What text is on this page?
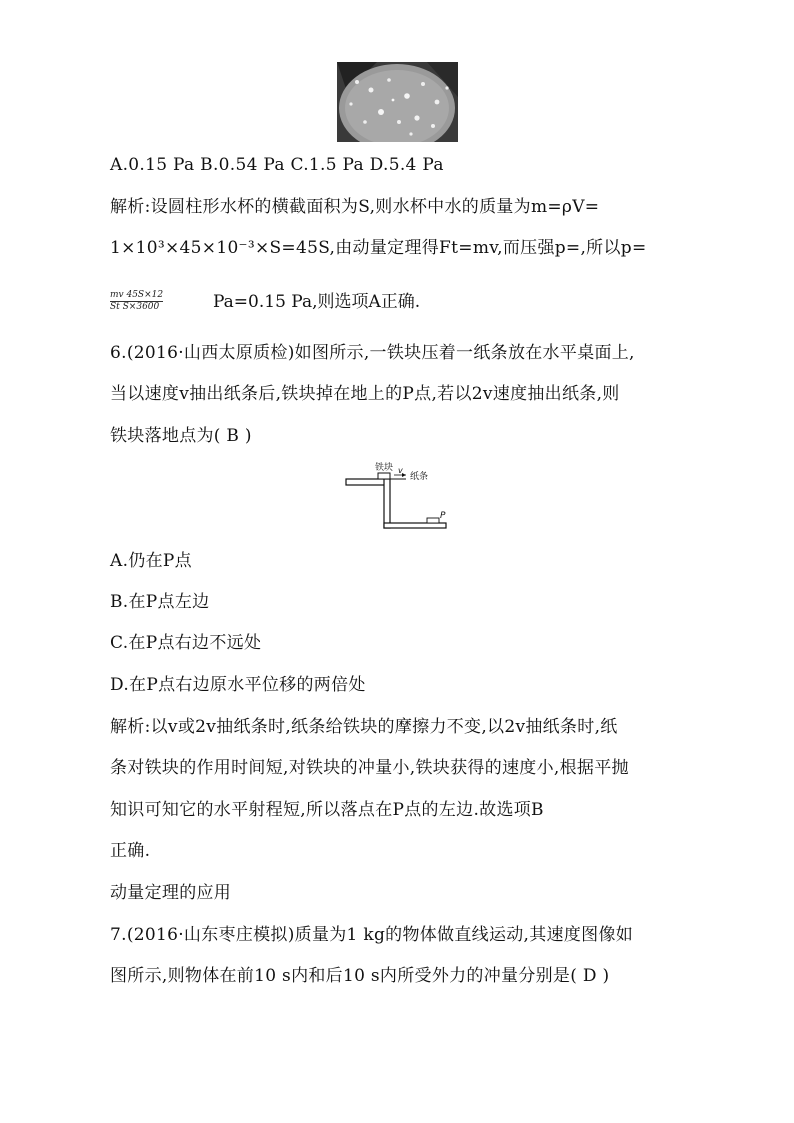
A.0.15 Pa B.0.54 Pa C.1.5 Pa D.5.4 Pa
解析:设圆柱形水杯的横截面积为S,则水杯中水的质量为m=ρV=
1×10³×45×10⁻³×S=45S,由动量定理得Ft=mv,而压强p=,所以p=
$\frac{mv 45S\times 12}{\text{St S×3600}}$	Pa=0.15 Pa,则选项A正确.
6.(2016·山西太原质检)如图所示,一铁块压着一纸条放在水平桌面上,
当以速度v抽出纸条后,铁块掉在地上的P点,若以2v速度抽出纸条,则
铁块落地点为( B )
铁块 v
纸条
P
A.仍在P点
B.在P点左边
C.在P点右边不远处
D.在P点右边原水平位移的两倍处
解析:以v或2v抽纸条时,纸条给铁块的摩擦力不变,以2v抽纸条时,纸
条对铁块的作用时间短,对铁块的冲量小,铁块获得的速度小,根据平抛
知识可知它的水平射程短,所以落点在P点的左边.故选项B
正确.
动量定理的应用
7.(2016·山东枣庄模拟)质量为1 kg的物体做直线运动,其速度图像如
图所示,则物体在前10 s内和后10 s内所受外力的冲量分别是( D )
